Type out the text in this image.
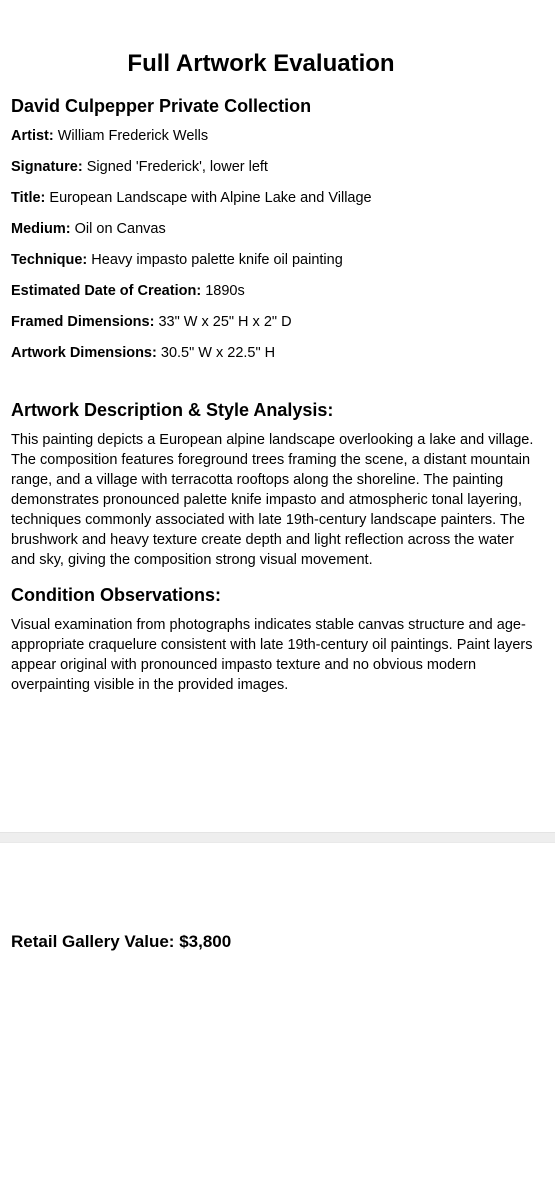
Full Artwork Evaluation
David Culpepper Private Collection
Artist: William Frederick Wells
Signature: Signed 'Frederick', lower left
Title: European Landscape with Alpine Lake and Village
Medium: Oil on Canvas
Technique: Heavy impasto palette knife oil painting
Estimated Date of Creation: 1890s
Framed Dimensions: 33" W x 25" H x 2" D
Artwork Dimensions: 30.5" W x 22.5" H
Artwork Description & Style Analysis:

This painting depicts a European alpine landscape overlooking a lake and village. The composition features foreground trees framing the scene, a distant mountain range, and a village with terracotta rooftops along the shoreline. The painting demonstrates pronounced palette knife impasto and atmospheric tonal layering, techniques commonly associated with late 19th-century landscape painters. The brushwork and heavy texture create depth and light reflection across the water and sky, giving the composition strong visual movement.

Condition Observations:

Visual examination from photographs indicates stable canvas structure and age-appropriate craquelure consistent with late 19th-century oil paintings. Paint layers appear original with pronounced impasto texture and no obvious modern overpainting visible in the provided images.

Retail Gallery Value: $3,800
